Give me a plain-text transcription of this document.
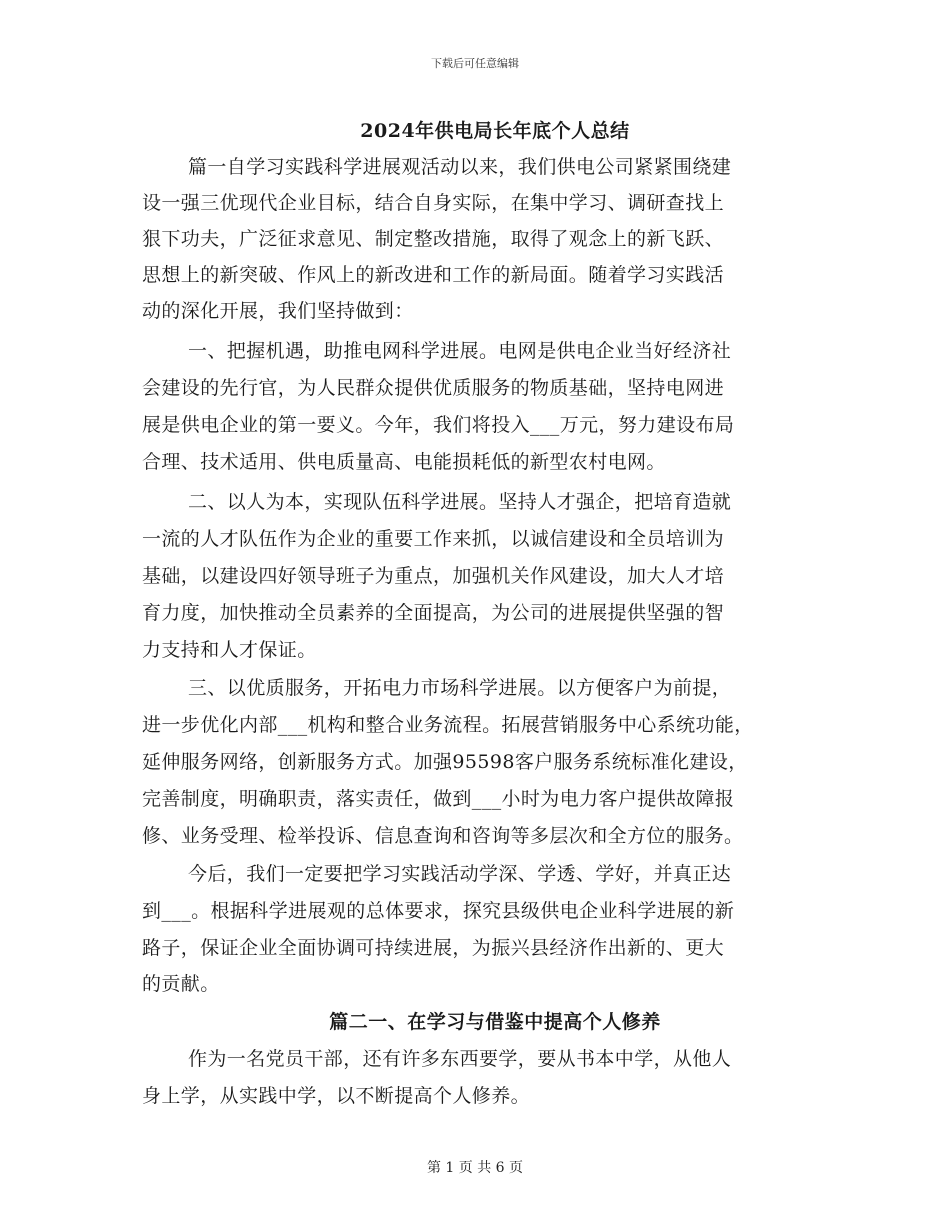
下载后可任意编辑
2024年供电局长年底个人总结
篇一自学习实践科学进展观活动以来，我们供电公司紧紧围绕建
设一强三优现代企业目标，结合自身实际，在集中学习、调研查找上
狠下功夫，广泛征求意见、制定整改措施，取得了观念上的新飞跃、
思想上的新突破、作风上的新改进和工作的新局面。随着学习实践活
动的深化开展，我们坚持做到：
一、把握机遇，助推电网科学进展。电网是供电企业当好经济社
会建设的先行官，为人民群众提供优质服务的物质基础，坚持电网进
展是供电企业的第一要义。今年，我们将投入___万元，努力建设布局
合理、技术适用、供电质量高、电能损耗低的新型农村电网。
二、以人为本，实现队伍科学进展。坚持人才强企，把培育造就
一流的人才队伍作为企业的重要工作来抓，以诚信建设和全员培训为
基础，以建设四好领导班子为重点，加强机关作风建设，加大人才培
育力度，加快推动全员素养的全面提高，为公司的进展提供坚强的智
力支持和人才保证。
三、以优质服务，开拓电力市场科学进展。以方便客户为前提，
进一步优化内部___机构和整合业务流程。拓展营销服务中心系统功能，
延伸服务网络，创新服务方式。加强95598客户服务系统标准化建设，
完善制度，明确职责，落实责任，做到___小时为电力客户提供故障报
修、业务受理、检举投诉、信息查询和咨询等多层次和全方位的服务。
今后，我们一定要把学习实践活动学深、学透、学好，并真正达
到___。根据科学进展观的总体要求，探究县级供电企业科学进展的新
路子，保证企业全面协调可持续进展，为振兴县经济作出新的、更大
的贡献。
篇二一、在学习与借鉴中提高个人修养
作为一名党员干部，还有许多东西要学，要从书本中学，从他人
身上学，从实践中学，以不断提高个人修养。
第 1 页 共 6 页
